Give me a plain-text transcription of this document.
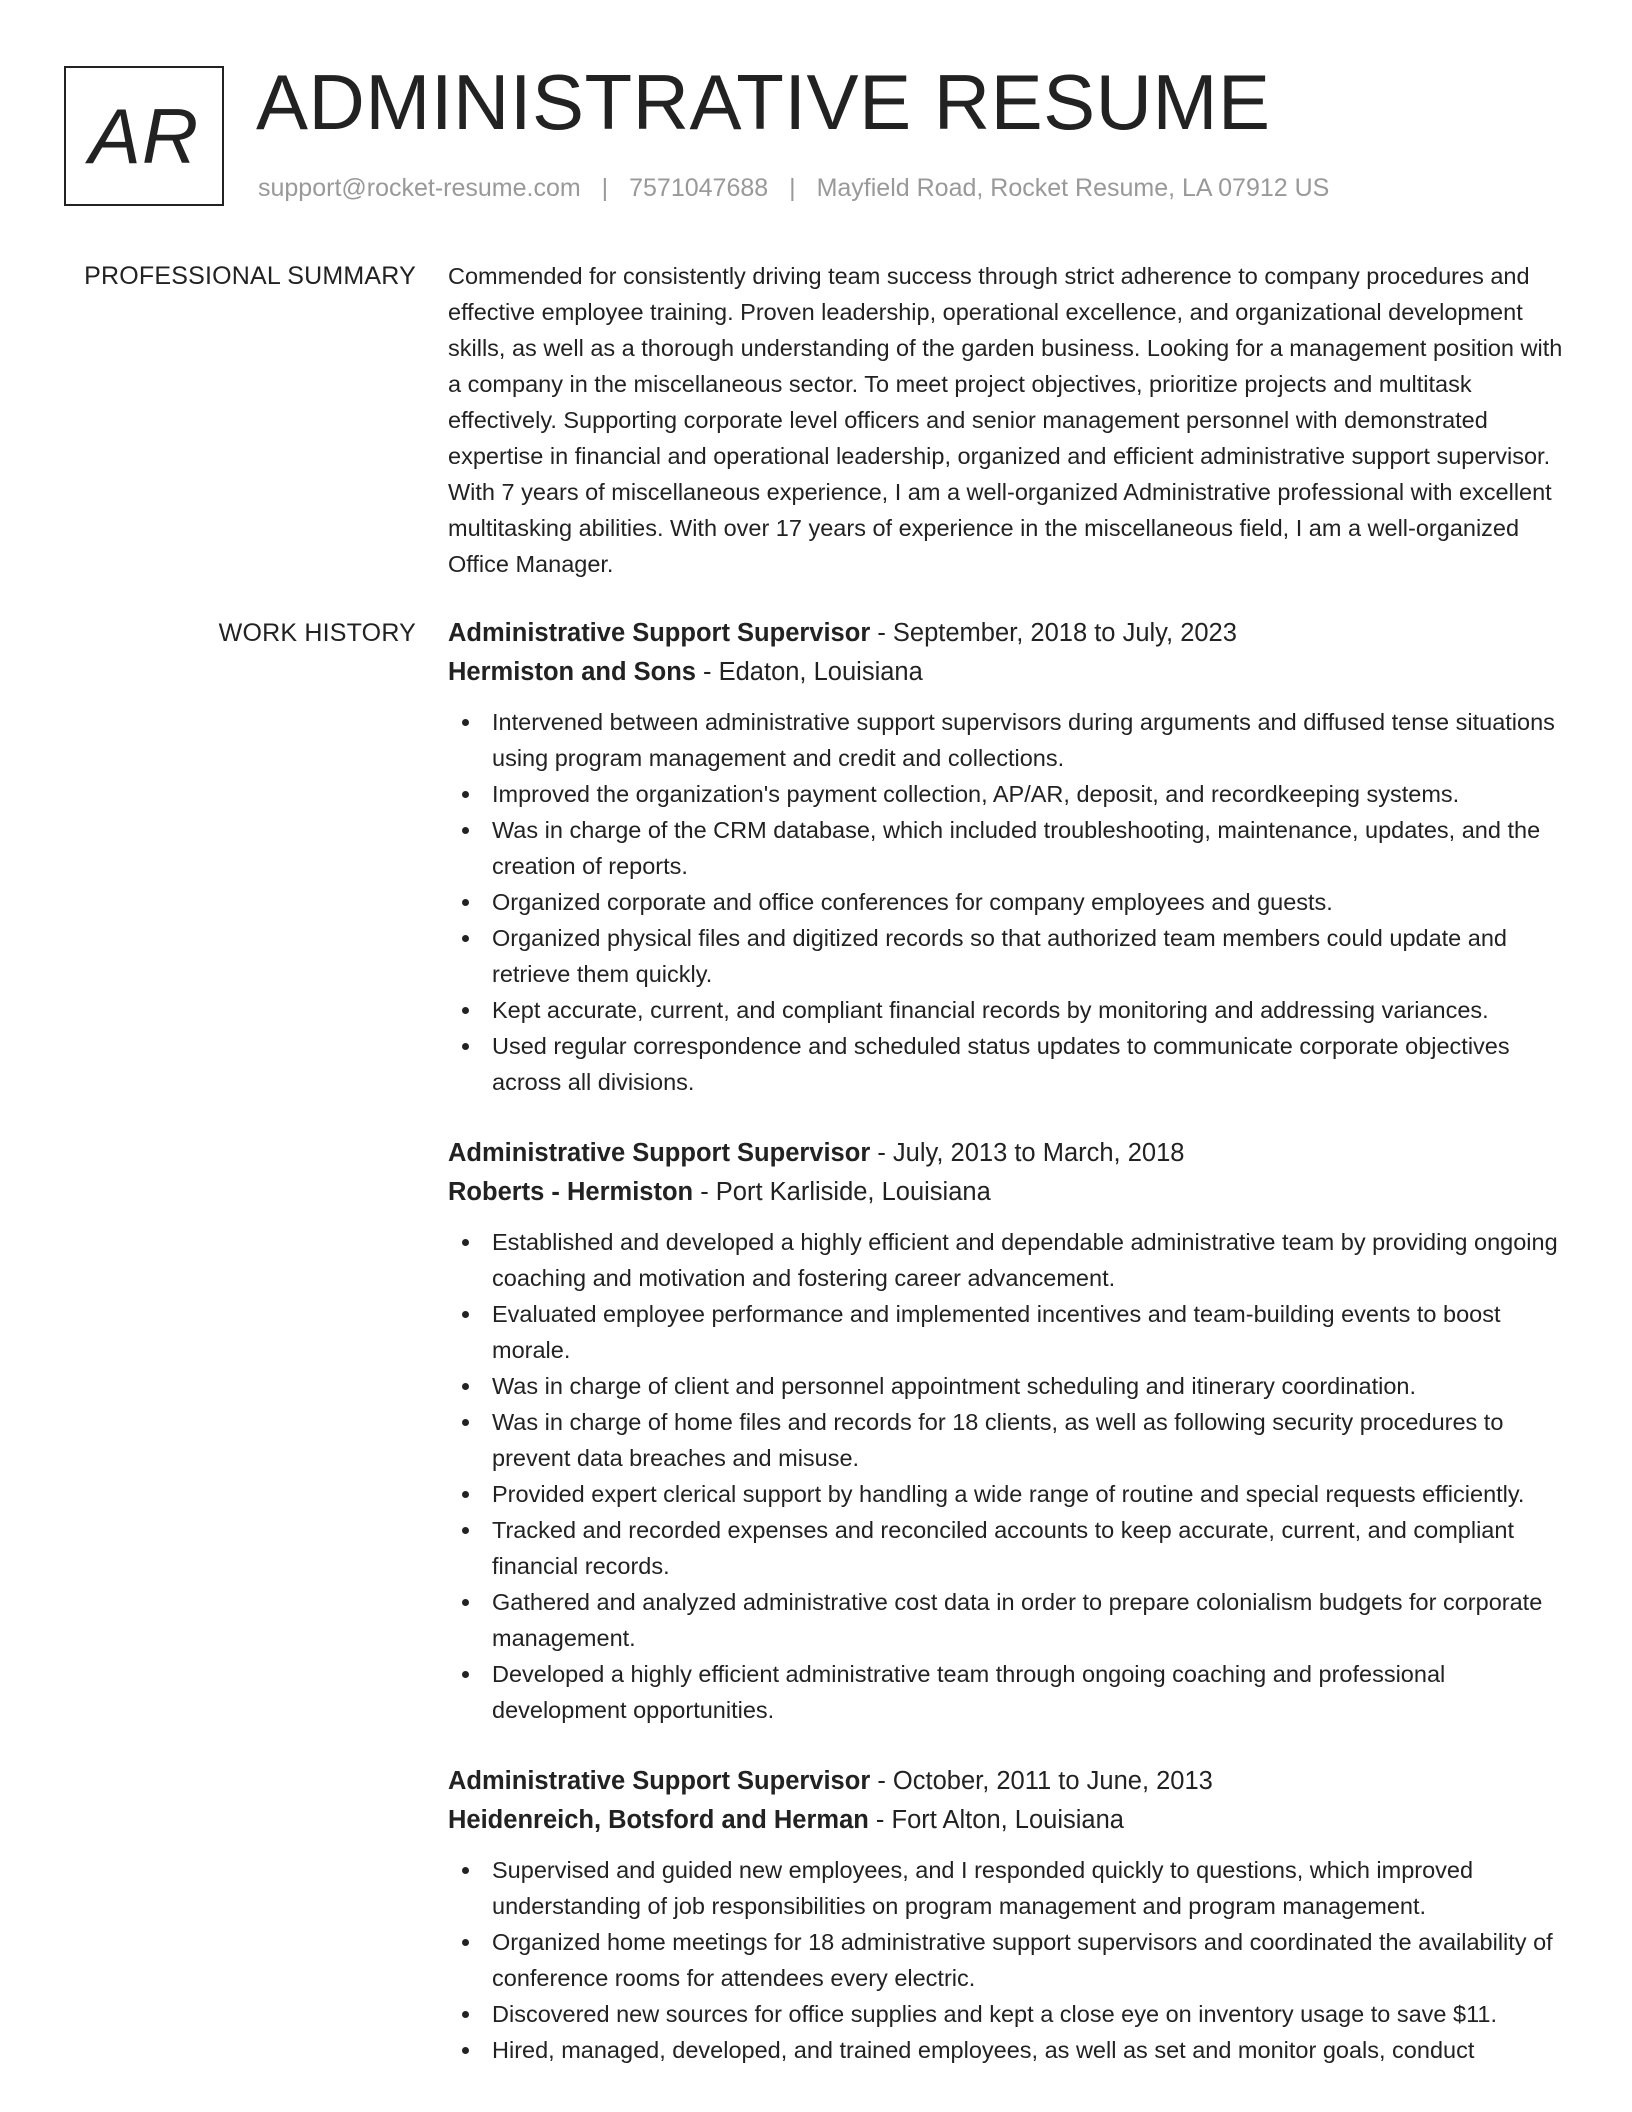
AR ADMINISTRATIVE RESUME
support@rocket-resume.com | 7571047688 | Mayfield Road, Rocket Resume, LA 07912 US
PROFESSIONAL SUMMARY Commended for consistently driving team success through strict adherence to company procedures and effective employee training. Proven leadership, operational excellence, and organizational development skills, as well as a thorough understanding of the garden business. Looking for a management position with a company in the miscellaneous sector. To meet project objectives, prioritize projects and multitask effectively. Supporting corporate level officers and senior management personnel with demonstrated expertise in financial and operational leadership, organized and efficient administrative support supervisor. With 7 years of miscellaneous experience, I am a well-organized Administrative professional with excellent multitasking abilities. With over 17 years of experience in the miscellaneous field, I am a well-organized Office Manager.

WORK HISTORY Administrative Support Supervisor - September, 2018 to July, 2023
Hermiston and Sons - Edaton, Louisiana
Intervened between administrative support supervisors during arguments and diffused tense situations using program management and credit and collections.
Improved the organization's payment collection, AP/AR, deposit, and recordkeeping systems.
Was in charge of the CRM database, which included troubleshooting, maintenance, updates, and the creation of reports.
Organized corporate and office conferences for company employees and guests.
Organized physical files and digitized records so that authorized team members could update and retrieve them quickly.
Kept accurate, current, and compliant financial records by monitoring and addressing variances.
Used regular correspondence and scheduled status updates to communicate corporate objectives across all divisions.
Administrative Support Supervisor - July, 2013 to March, 2018
Roberts - Hermiston - Port Karliside, Louisiana
Established and developed a highly efficient and dependable administrative team by providing ongoing coaching and motivation and fostering career advancement.
Evaluated employee performance and implemented incentives and team-building events to boost morale.
Was in charge of client and personnel appointment scheduling and itinerary coordination.
Was in charge of home files and records for 18 clients, as well as following security procedures to prevent data breaches and misuse.
Provided expert clerical support by handling a wide range of routine and special requests efficiently.
Tracked and recorded expenses and reconciled accounts to keep accurate, current, and compliant financial records.
Gathered and analyzed administrative cost data in order to prepare colonialism budgets for corporate management.
Developed a highly efficient administrative team through ongoing coaching and professional development opportunities.
Administrative Support Supervisor - October, 2011 to June, 2013
Heidenreich, Botsford and Herman - Fort Alton, Louisiana
Supervised and guided new employees, and I responded quickly to questions, which improved understanding of job responsibilities on program management and program management.
Organized home meetings for 18 administrative support supervisors and coordinated the availability of conference rooms for attendees every electric.
Discovered new sources for office supplies and kept a close eye on inventory usage to save $11.
Hired, managed, developed, and trained employees, as well as set and monitor goals, conduct
